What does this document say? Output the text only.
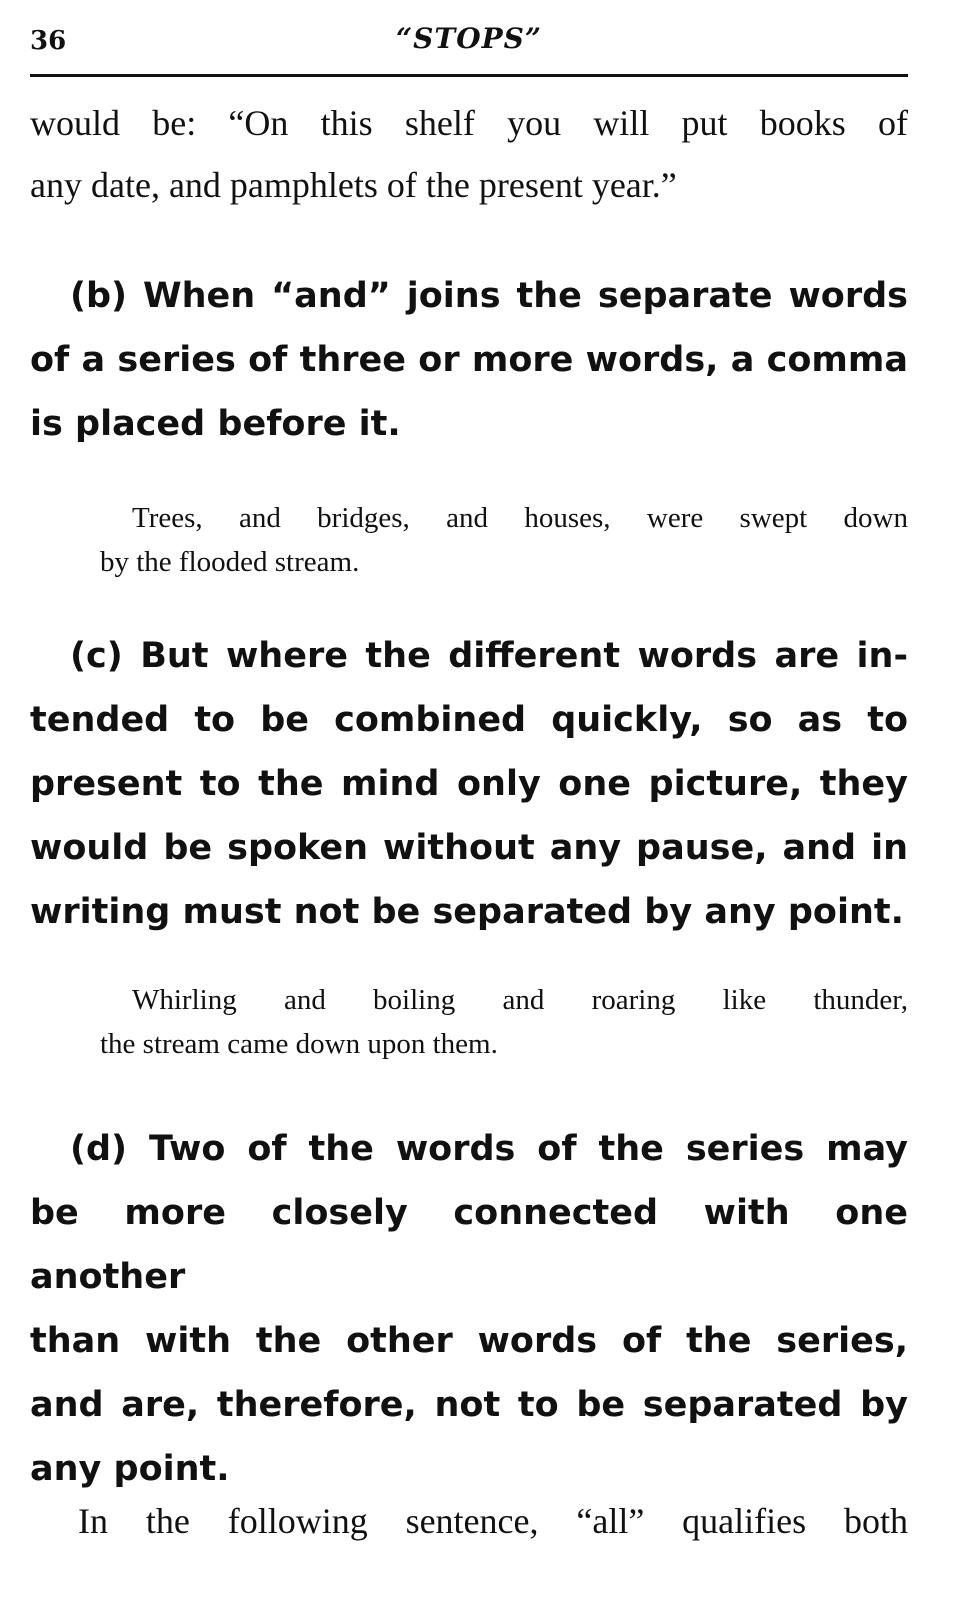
36	“STOPS”
would be: “On this shelf you will put books of
any date, and pamphlets of the present year.”
(b) When “and” joins the separate words
of a series of three or more words, a comma
is placed before it.
Trees, and bridges, and houses, were swept down
by the flooded stream.
(c) But where the different words are in-
tended to be combined quickly, so as to
present to the mind only one picture, they
would be spoken without any pause, and in
writing must not be separated by any point.
Whirling and boiling and roaring like thunder,
the stream came down upon them.
(d) Two of the words of the series may
be more closely connected with one another
than with the other words of the series,
and are, therefore, not to be separated by
any point.
In the following sentence, “all” qualifies both
